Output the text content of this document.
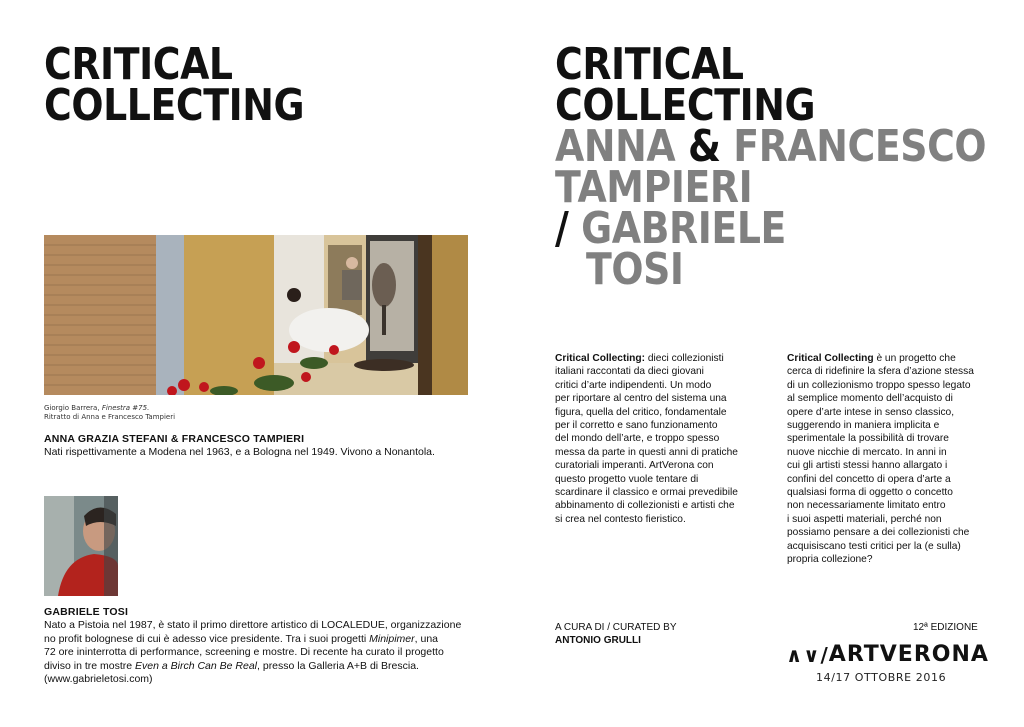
CRITICAL
COLLECTING
Giorgio Barrera, Finestra #75.
Ritratto di Anna e Francesco Tampieri
ANNA GRAZIA STEFANI & FRANCESCO TAMPIERI
Nati rispettivamente a Modena nel 1963, e a Bologna nel 1949. Vivono a Nonantola.
GABRIELE TOSI
Nato a Pistoia nel 1987, è stato il primo direttore artistico di LOCALEDUE, organizzazione
no profit bolognese di cui è adesso vice presidente. Tra i suoi progetti Minipimer, una
72 ore ininterrotta di performance, screening e mostre. Di recente ha curato il progetto
diviso in tre mostre Even a Birch Can Be Real, presso la Galleria A+B di Brescia.
(www.gabrieletosi.com)
CRITICAL
COLLECTING
ANNA & FRANCESCO
TAMPIERI
/ GABRIELE
TOSI
Critical Collecting: dieci collezionisti
italiani raccontati da dieci giovani
critici d’arte indipendenti. Un modo
per riportare al centro del sistema una
figura, quella del critico, fondamentale
per il corretto e sano funzionamento
del mondo dell’arte, e troppo spesso
messa da parte in questi anni di pratiche
curatoriali imperanti. ArtVerona con
questo progetto vuole tentare di
scardinare il classico e ormai prevedibile
abbinamento di collezionisti e artisti che
si crea nel contesto fieristico.
Critical Collecting è un progetto che
cerca di ridefinire la sfera d’azione stessa
di un collezionismo troppo spesso legato
al semplice momento dell’acquisto di
opere d’arte intese in senso classico,
suggerendo in maniera implicita e
sperimentale la possibilità di trovare
nuove nicchie di mercato. In anni in
cui gli artisti stessi hanno allargato i
confini del concetto di opera d’arte a
qualsiasi forma di oggetto o concetto
non necessariamente limitato entro
i suoi aspetti materiali, perché non
possiamo pensare a dei collezionisti che
acquisiscano testi critici per la (e sulla)
propria collezione?
A CURA DI / CURATED BY
ANTONIO GRULLI
12ª EDIZIONE
∧∨/ ARTVERONA
14/17 OTTOBRE 2016
